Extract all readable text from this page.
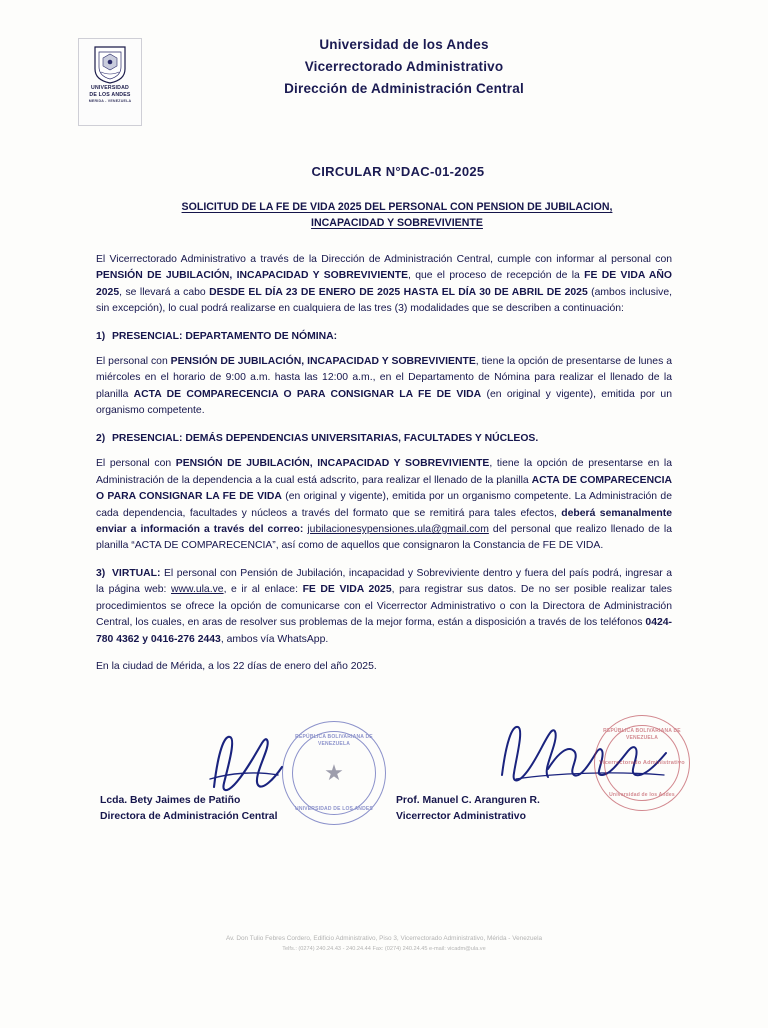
UNIVERSIDAD
DE LOS ANDES
MERIDA - VENEZUELA
Universidad de los Andes
Vicerrectorado Administrativo
Dirección de Administración Central
CIRCULAR N°DAC-01-2025
SOLICITUD DE LA FE DE VIDA 2025 DEL PERSONAL CON PENSION DE JUBILACION, INCAPACIDAD Y SOBREVIVIENTE

El Vicerrectorado Administrativo a través de la Dirección de Administración Central, cumple con informar al personal con PENSIÓN DE JUBILACIÓN, INCAPACIDAD Y SOBREVIVIENTE, que el proceso de recepción de la FE DE VIDA AÑO 2025, se llevará a cabo DESDE EL DÍA 23 DE ENERO DE 2025 HASTA EL DÍA 30 DE ABRIL DE 2025 (ambos inclusive, sin excepción), lo cual podrá realizarse en cualquiera de las tres (3) modalidades que se describen a continuación:

1) PRESENCIAL: DEPARTAMENTO DE NÓMINA:

El personal con PENSIÓN DE JUBILACIÓN, INCAPACIDAD Y SOBREVIVIENTE, tiene la opción de presentarse de lunes a miércoles en el horario de 9:00 a.m. hasta las 12:00 a.m., en el Departamento de Nómina para realizar el llenado de la planilla ACTA DE COMPARECENCIA O PARA CONSIGNAR LA FE DE VIDA (en original y vigente), emitida por un organismo competente.

2) PRESENCIAL: DEMÁS DEPENDENCIAS UNIVERSITARIAS, FACULTADES Y NÚCLEOS.

El personal con PENSIÓN DE JUBILACIÓN, INCAPACIDAD Y SOBREVIVIENTE, tiene la opción de presentarse en la Administración de la dependencia a la cual está adscrito, para realizar el llenado de la planilla ACTA DE COMPARECENCIA O PARA CONSIGNAR LA FE DE VIDA (en original y vigente), emitida por un organismo competente. La Administración de cada dependencia, facultades y núcleos a través del formato que se remitirá para tales efectos, deberá semanalmente enviar a información a través del correo: jubilacionesypensiones.ula@gmail.com del personal que realizo llenado de la planilla “ACTA DE COMPARECENCIA”, así como de aquellos que consignaron la Constancia de FE DE VIDA.

3) VIRTUAL: El personal con Pensión de Jubilación, incapacidad y Sobreviviente dentro y fuera del país podrá, ingresar a la página web: www.ula.ve, e ir al enlace: FE DE VIDA 2025, para registrar sus datos. De no ser posible realizar tales procedimientos se ofrece la opción de comunicarse con el Vicerrector Administrativo o con la Directora de Administración Central, los cuales, en aras de resolver sus problemas de la mejor forma, están a disposición a través de los teléfonos 0424-780 4362 y 0416-276 2443, ambos vía WhatsApp.

En la ciudad de Mérida, a los 22 días de enero del año 2025.

REPÚBLICA BOLIVARIANA DE VENEZUELA
★
UNIVERSIDAD DE LOS ANDES
REPÚBLICA BOLIVARIANA DE VENEZUELA
Vicerrectorado Administrativo
Universidad de los Andes
Lcda. Bety Jaimes de Patiño
Directora de Administración Central
Prof. Manuel C. Aranguren R.
Vicerrector Administrativo
Av. Don Tulio Febres Cordero, Edificio Administrativo, Piso 3, Vicerrectorado Administrativo, Mérida - Venezuela
Telfs.: (0274) 240.24.43 - 240.24.44 Fax: (0274) 240.24.45 e-mail: vicadm@ula.ve
